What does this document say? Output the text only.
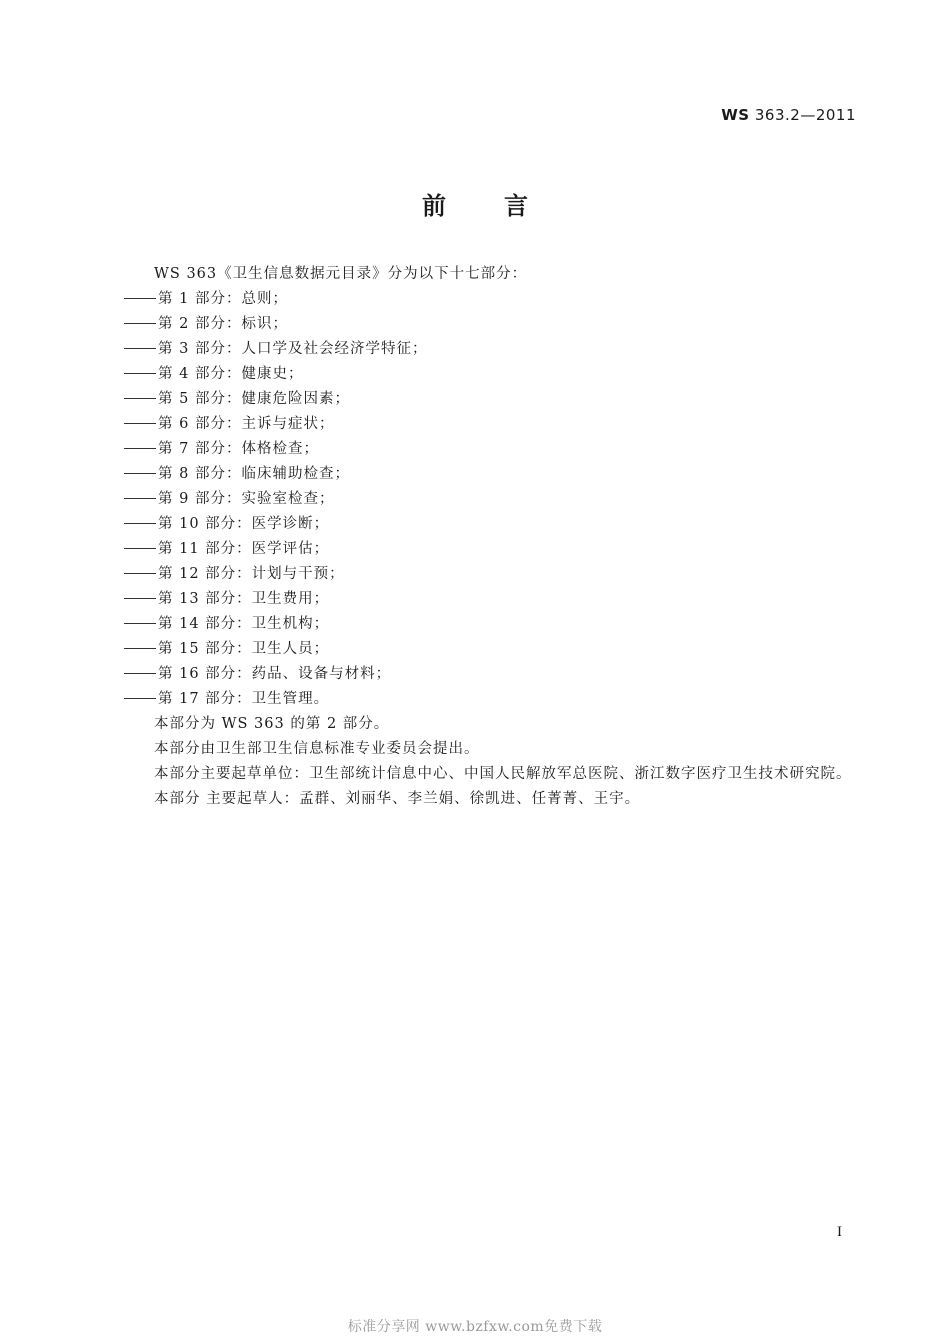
WS 363.2—2011
前言

WS 363《卫生信息数据元目录》分为以下十七部分：

第 1 部分：总则；
第 2 部分：标识；
第 3 部分：人口学及社会经济学特征；
第 4 部分：健康史；
第 5 部分：健康危险因素；
第 6 部分：主诉与症状；
第 7 部分：体格检查；
第 8 部分：临床辅助检查；
第 9 部分：实验室检查；
第 10 部分：医学诊断；
第 11 部分：医学评估；
第 12 部分：计划与干预；
第 13 部分：卫生费用；
第 14 部分：卫生机构；
第 15 部分：卫生人员；
第 16 部分：药品、设备与材料；
第 17 部分：卫生管理。

本部分为 WS 363 的第 2 部分。

本部分由卫生部卫生信息标准专业委员会提出。

本部分主要起草单位：卫生部统计信息中心、中国人民解放军总医院、浙江数字医疗卫生技术研究院。

本部分 主要起草人：孟群、刘丽华、李兰娟、徐凯进、任菁菁、王宇。

I
标准分享网 www.bzfxw.com免费下载
